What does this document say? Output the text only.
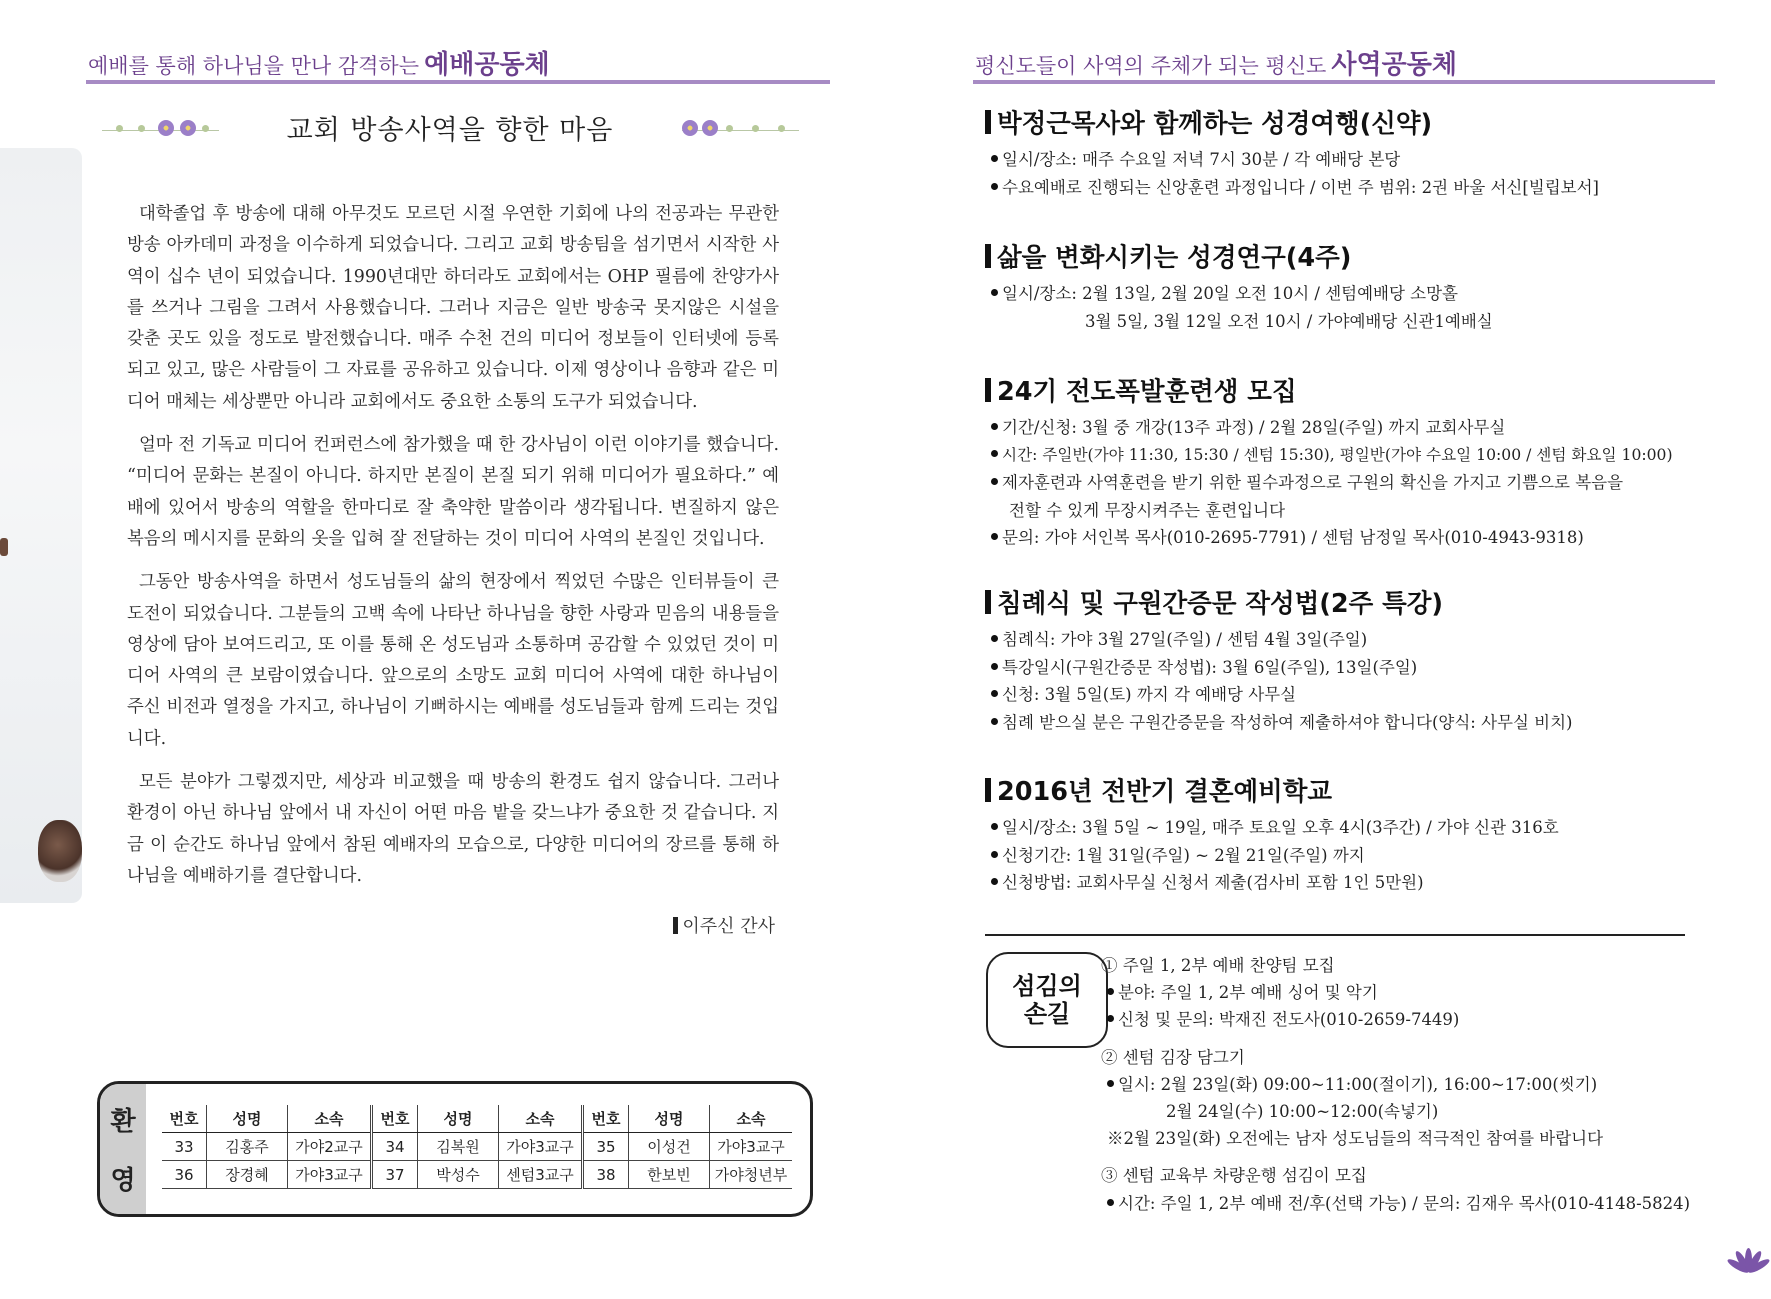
예배를 통해 하나님을 만나 감격하는 예배공동체	평신도들이 사역의 주체가 되는 평신도 사역공동체
교회 방송사역을 향한 마음

대학졸업 후 방송에 대해 아무것도 모르던 시절 우연한 기회에 나의 전공과는 무관한 방송 아카데미 과정을 이수하게 되었습니다. 그리고 교회 방송팀을 섬기면서 시작한 사역이 십수 년이 되었습니다. 1990년대만 하더라도 교회에서는 OHP 필름에 찬양가사를 쓰거나 그림을 그려서 사용했습니다. 그러나 지금은 일반 방송국 못지않은 시설을 갖춘 곳도 있을 정도로 발전했습니다. 매주 수천 건의 미디어 정보들이 인터넷에 등록되고 있고, 많은 사람들이 그 자료를 공유하고 있습니다. 이제 영상이나 음향과 같은 미디어 매체는 세상뿐만 아니라 교회에서도 중요한 소통의 도구가 되었습니다.

얼마 전 기독교 미디어 컨퍼런스에 참가했을 때 한 강사님이 이런 이야기를 했습니다. “미디어 문화는 본질이 아니다. 하지만 본질이 본질 되기 위해 미디어가 필요하다.” 예배에 있어서 방송의 역할을 한마디로 잘 축약한 말씀이라 생각됩니다. 변질하지 않은 복음의 메시지를 문화의 옷을 입혀 잘 전달하는 것이 미디어 사역의 본질인 것입니다.

그동안 방송사역을 하면서 성도님들의 삶의 현장에서 찍었던 수많은 인터뷰들이 큰 도전이 되었습니다. 그분들의 고백 속에 나타난 하나님을 향한 사랑과 믿음의 내용들을 영상에 담아 보여드리고, 또 이를 통해 온 성도님과 소통하며 공감할 수 있었던 것이 미디어 사역의 큰 보람이였습니다. 앞으로의 소망도 교회 미디어 사역에 대한 하나님이 주신 비전과 열정을 가지고, 하나님이 기뻐하시는 예배를 성도님들과 함께 드리는 것입니다.

모든 분야가 그렇겠지만, 세상과 비교했을 때 방송의 환경도 쉽지 않습니다. 그러나 환경이 아닌 하나님 앞에서 내 자신이 어떤 마음 밭을 갖느냐가 중요한 것 같습니다. 지금 이 순간도 하나님 앞에서 참된 예배자의 모습으로, 다양한 미디어의 장르를 통해 하나님을 예배하기를 결단합니다.

이주신 간사
환
영
번호	성명	소속	번호	성명	소속	번호	성명	소속
33	김홍주	가야2교구	34	김복원	가야3교구	35	이성건	가야3교구
36	장경혜	가야3교구	37	박성수	센텀3교구	38	한보빈	가야청년부
박정근목사와 함께하는 성경여행(신약)
일시/장소: 매주 수요일 저녁 7시 30분 / 각 예배당 본당
수요예배로 진행되는 신앙훈련 과정입니다 / 이번 주 범위: 2권 바울 서신[빌립보서]
삶을 변화시키는 성경연구(4주)
일시/장소: 2월 13일, 2월 20일 오전 10시 / 센텀예배당 소망홀
3월 5일, 3월 12일 오전 10시 / 가야예배당 신관1예배실
24기 전도폭발훈련생 모집
기간/신청: 3월 중 개강(13주 과정) / 2월 28일(주일) 까지 교회사무실
시간: 주일반(가야 11:30, 15:30 / 센텀 15:30), 평일반(가야 수요일 10:00 / 센텀 화요일 10:00)
제자훈련과 사역훈련을 받기 위한 필수과정으로 구원의 확신을 가지고 기쁨으로 복음을
전할 수 있게 무장시켜주는 훈련입니다
문의: 가야 서인복 목사(010-2695-7791) / 센텀 남정일 목사(010-4943-9318)
침례식 및 구원간증문 작성법(2주 특강)
침례식: 가야 3월 27일(주일) / 센텀 4월 3일(주일)
특강일시(구원간증문 작성법): 3월 6일(주일), 13일(주일)
신청: 3월 5일(토) 까지 각 예배당 사무실
침례 받으실 분은 구원간증문을 작성하여 제출하셔야 합니다(양식: 사무실 비치)
2016년 전반기 결혼예비학교
일시/장소: 3월 5일 ~ 19일, 매주 토요일 오후 4시(3주간) / 가야 신관 316호
신청기간: 1월 31일(주일) ~ 2월 21일(주일) 까지
신청방법: 교회사무실 신청서 제출(검사비 포함 1인 5만원)
섬김의
손길
① 주일 1, 2부 예배 찬양팀 모집
분야: 주일 1, 2부 예배 싱어 및 악기
신청 및 문의: 박재진 전도사(010-2659-7449)
② 센텀 김장 담그기
일시: 2월 23일(화) 09:00~11:00(절이기), 16:00~17:00(씻기)
2월 24일(수) 10:00~12:00(속넣기)
※2월 23일(화) 오전에는 남자 성도님들의 적극적인 참여를 바랍니다
③ 센텀 교육부 차량운행 섬김이 모집
시간: 주일 1, 2부 예배 전/후(선택 가능) / 문의: 김재우 목사(010-4148-5824)
